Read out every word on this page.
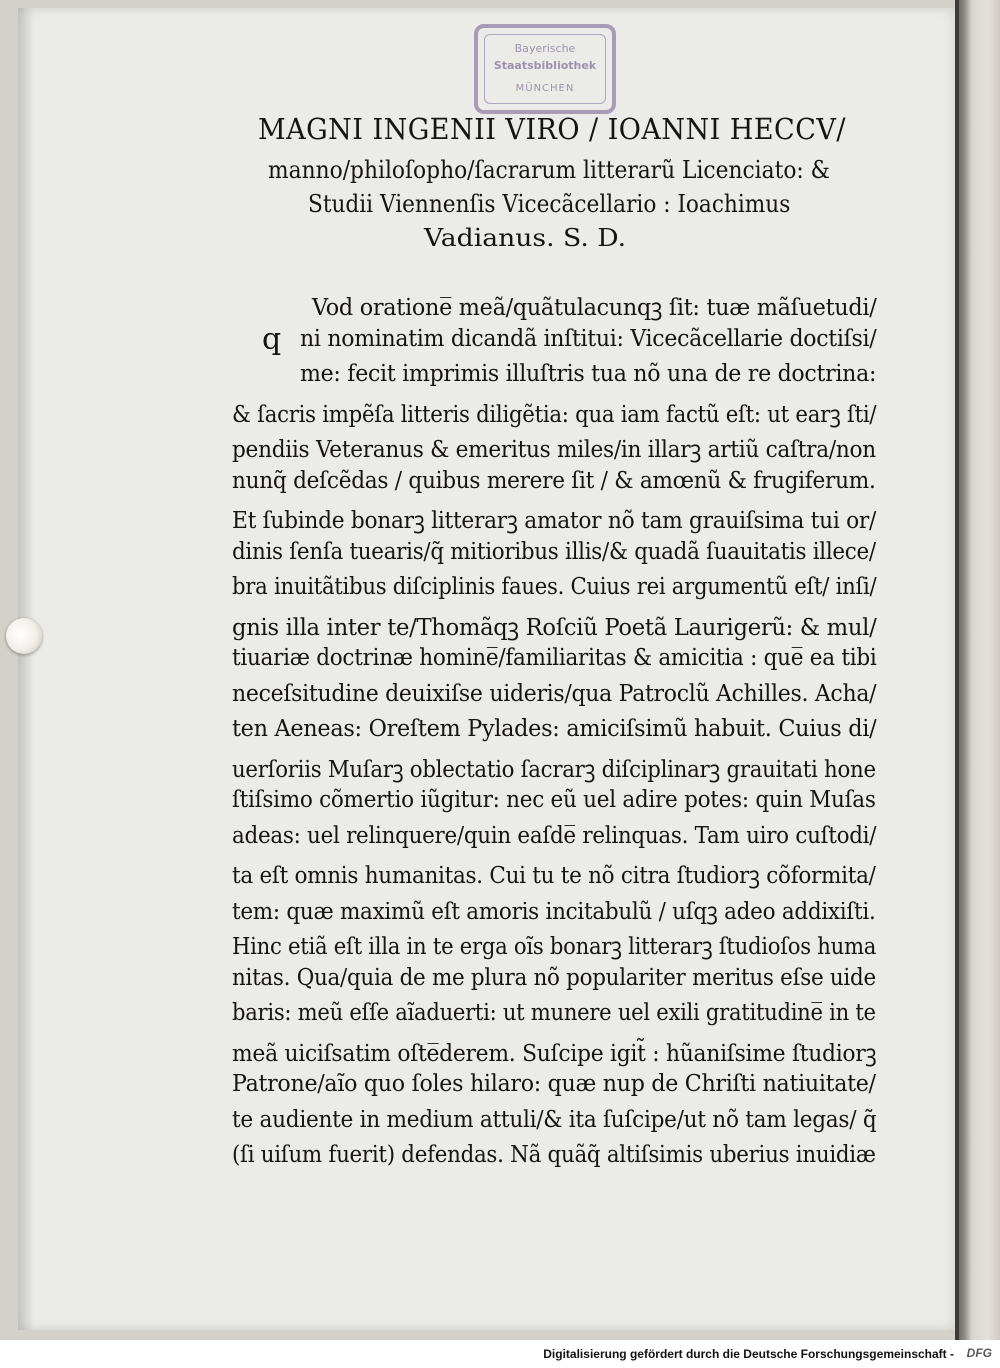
Bayerische
Staatsbibliothek
MÜNCHEN
MAGNI INGENII VIRO / IOANNI HECCV/
manno/philoſopho/ſacrarum litterarũ Licenciato: &
Studii Viennenſis Vicecãcellario : Ioachimus
Vadianus. S. D.
q
Vod oratione̅ meã/quãtulacunqꝫ ſit: tuæ mãſuetudi/
ni nominatim dicandã inſtitui: Vicecãcellarie doctiſsi/
me: fecit imprimis illuſtris tua nõ una de re doctrina:
& ſacris impẽſa litteris diligẽtia: qua iam factũ eſt: ut earꝫ ſti/
pendiis Veteranus & emeritus miles/in illarꝫ artiũ caſtra/non
nunq̃ deſcẽdas / quibus merere ſit / & amœnũ & frugiferum.
Et ſubinde bonarꝫ litterarꝫ amator nõ tam grauiſsima tui or/
dinis ſenſa tuearis/q̃ mitioribus illis/& quadã ſuauitatis illece/
bra inuitãtibus diſciplinis faues. Cuius rei argumentũ eſt/ inſi/
gnis illa inter te/Thomãqꝫ Roſciũ Poetã Laurigerũ: & mul/
tiuariæ doctrinæ homine̅/familiaritas & amicitia : que̅ ea tibi
neceſsitudine deuixiſse uideris/qua Patroclũ Achilles. Acha/
ten Aeneas: Oreſtem Pylades: amiciſsimũ habuit. Cuius di/
uerſoriis Muſarꝫ oblectatio ſacrarꝫ diſciplinarꝫ grauitati hone
ſtiſsimo cõmertio iũgitur: nec eũ uel adire potes: quin Muſas
adeas: uel relinquere/quin eaſde̅ relinquas. Tam uiro cuſtodi/
ta eſt omnis humanitas. Cui tu te nõ citra ſtudiorꝫ cõformita/
tem: quæ maximũ eſt amoris incitabulũ / uſqꝫ adeo addixiſti.
Hinc etiã eſt illa in te erga oĩs bonarꝫ litterarꝫ ſtudioſos huma
nitas. Qua/quia de me plura nõ populariter meritus eſse uide
baris: meũ eſſe aĩaduerti: ut munere uel exili gratitudine̅ in te
meã uiciſsatim oſte̅derem. Suſcipe igit̃ : hũaniſsime ſtudiorꝫ
Patrone/aĩo quo ſoles hilaro: quæ nup de Chriſti natiuitate/
te audiente in medium attuli/& ita ſuſcipe/ut nõ tam legas/ q̃
(ſi uiſum fuerit) defendas. Nã quãq̃ altiſsimis uberius inuidiæ
Digitalisierung gefördert durch die Deutsche Forschungsgemeinschaft - DFG
